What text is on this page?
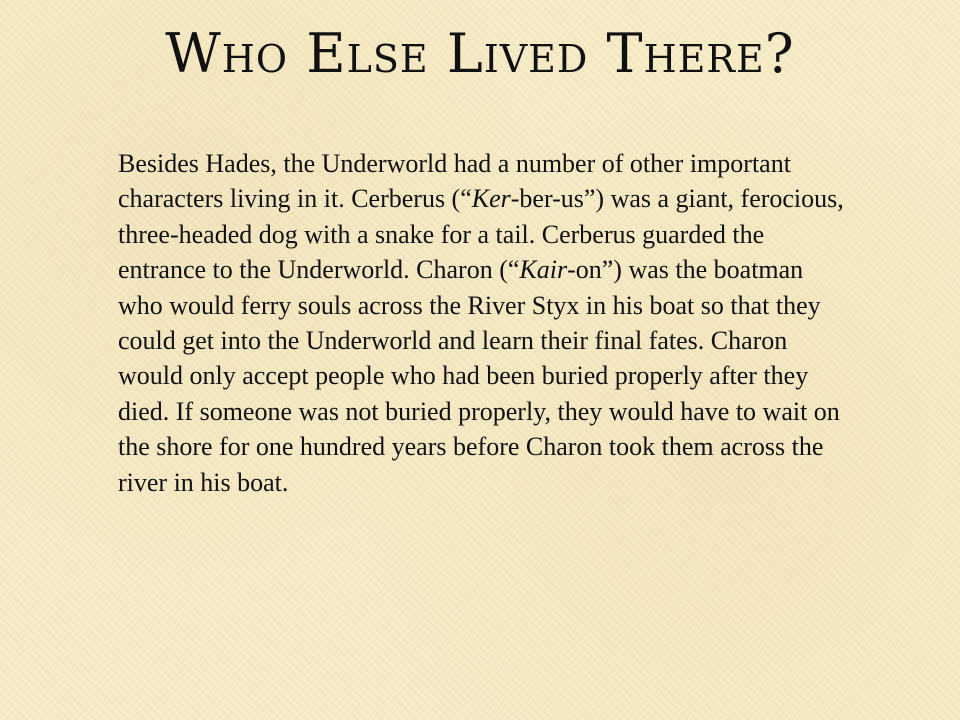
Who Else Lived There?

Besides Hades, the Underworld had a number of other important characters living in it. Cerberus (“Ker-ber-us”) was a giant, ferocious, three-headed dog with a snake for a tail. Cerberus guarded the entrance to the Underworld. Charon (“Kair-on”) was the boatman who would ferry souls across the River Styx in his boat so that they could get into the Underworld and learn their final fates. Charon would only accept people who had been buried properly after they died. If someone was not buried properly, they would have to wait on the shore for one hundred years before Charon took them across the river in his boat.
